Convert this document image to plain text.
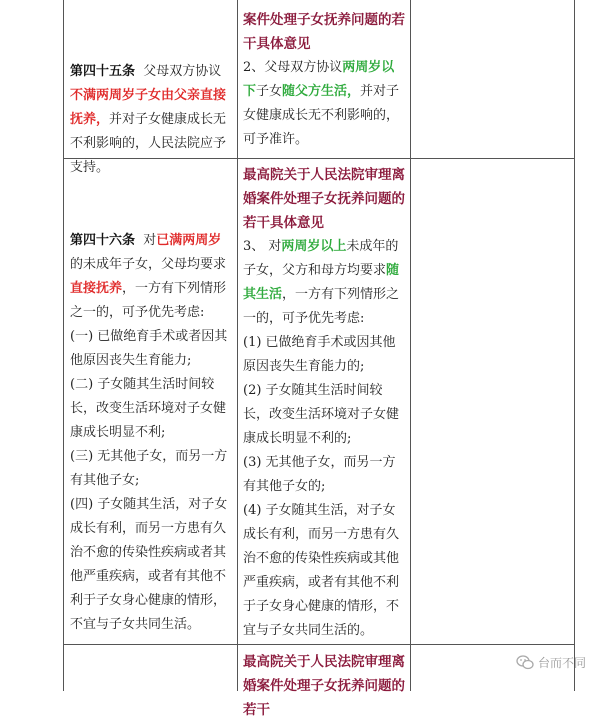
第四十五条 父母双方协议不满两周岁子女由父亲直接抚养，并对子女健康成长无不利影响的，人民法院应予支持。
案件处理子女抚养问题的若干具体意见
2、父母双方协议两周岁以下子女随父方生活，并对子女健康成长无不利影响的，可予准许。
第四十六条 对已满两周岁的未成年子女，父母均要求直接抚养，一方有下列情形之一的，可予优先考虑:
(一) 已做绝育手术或者因其他原因丧失生育能力;
(二) 子女随其生活时间较长，改变生活环境对子女健康成长明显不利;
(三) 无其他子女，而另一方有其他子女;
(四) 子女随其生活，对子女成长有利，而另一方患有久治不愈的传染性疾病或者其他严重疾病，或者有其他不利于子女身心健康的情形，不宜与子女共同生活。
最高院关于人民法院审理离婚案件处理子女抚养问题的若干具体意见
3、 对两周岁以上未成年的子女，父方和母方均要求随其生活，一方有下列情形之一的，可予优先考虑:
(1) 已做绝育手术或因其他原因丧失生育能力的;
(2) 子女随其生活时间较长，改变生活环境对子女健康成长明显不利的;
(3) 无其他子女，而另一方有其他子女的;
(4) 子女随其生活，对子女成长有利，而另一方患有久治不愈的传染性疾病或其他严重疾病，或者有其他不利于子女身心健康的情形，不宜与子女共同生活的。
最高院关于人民法院审理离婚案件处理子女抚养问题的若干
台而不同
